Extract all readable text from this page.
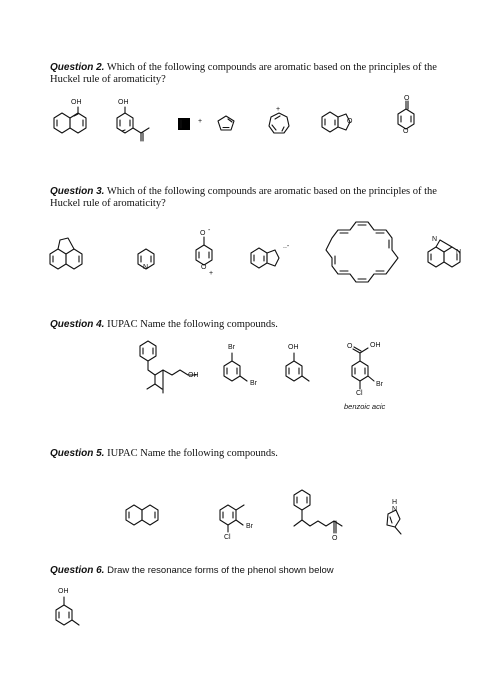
Question 2. Which of the following compounds are aromatic based on the principles of the Huckel rule of aromaticity?
Question 3. Which of the following compounds are aromatic based on the principles of the Huckel rule of aromaticity?
Question 4. IUPAC Name the following compounds.
Question 5. IUPAC Name the following compounds.
Question 6. Draw the resonance forms of the phenol shown below
OH	OH
+
+
O
O
O
N
O -
O
+
..-
N
N
OH
Br
Br
OH	O	OH
Br
Cl
benzoic acic
Br
Cl	O
H
N
OH
